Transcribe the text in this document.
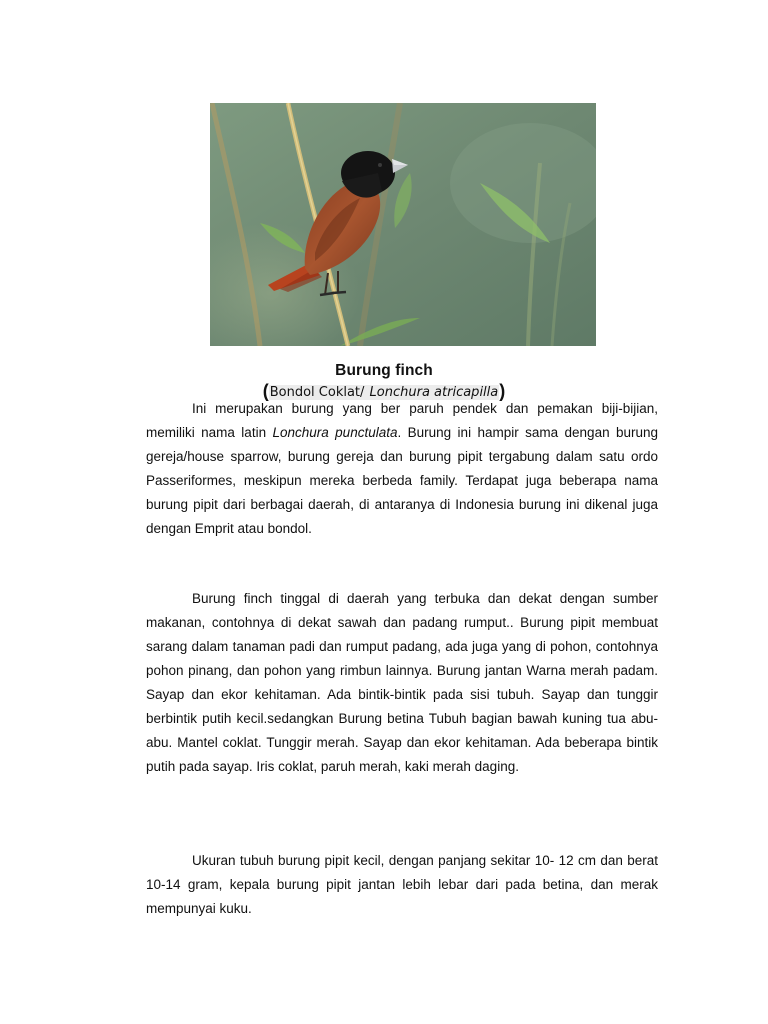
Burung finch
(Bondol Coklat/ Lonchura atricapilla)

Ini merupakan burung yang ber paruh pendek dan pemakan biji-bijian, memiliki nama latin Lonchura punctulata. Burung ini hampir sama dengan burung gereja/house sparrow, burung gereja dan burung pipit tergabung dalam satu ordo Passeriformes, meskipun mereka berbeda family. Terdapat juga beberapa nama burung pipit dari berbagai daerah, di antaranya di Indonesia burung ini dikenal juga dengan Emprit atau bondol.

Burung finch tinggal di daerah yang terbuka dan dekat dengan sumber makanan, contohnya di dekat sawah dan padang rumput.. Burung pipit membuat sarang dalam tanaman padi dan rumput padang, ada juga yang di pohon, contohnya pohon pinang, dan pohon yang rimbun lainnya. Burung jantan Warna merah padam. Sayap dan ekor kehitaman. Ada bintik-bintik pada sisi tubuh. Sayap dan tunggir berbintik putih kecil.sedangkan Burung betina Tubuh bagian bawah kuning tua abu-abu. Mantel coklat. Tunggir merah. Sayap dan ekor kehitaman. Ada beberapa bintik putih pada sayap. Iris coklat, paruh merah, kaki merah daging.

Ukuran tubuh burung pipit kecil, dengan panjang sekitar 10- 12 cm dan berat 10-14 gram, kepala burung pipit jantan lebih lebar dari pada betina, dan merak mempunyai kuku.
